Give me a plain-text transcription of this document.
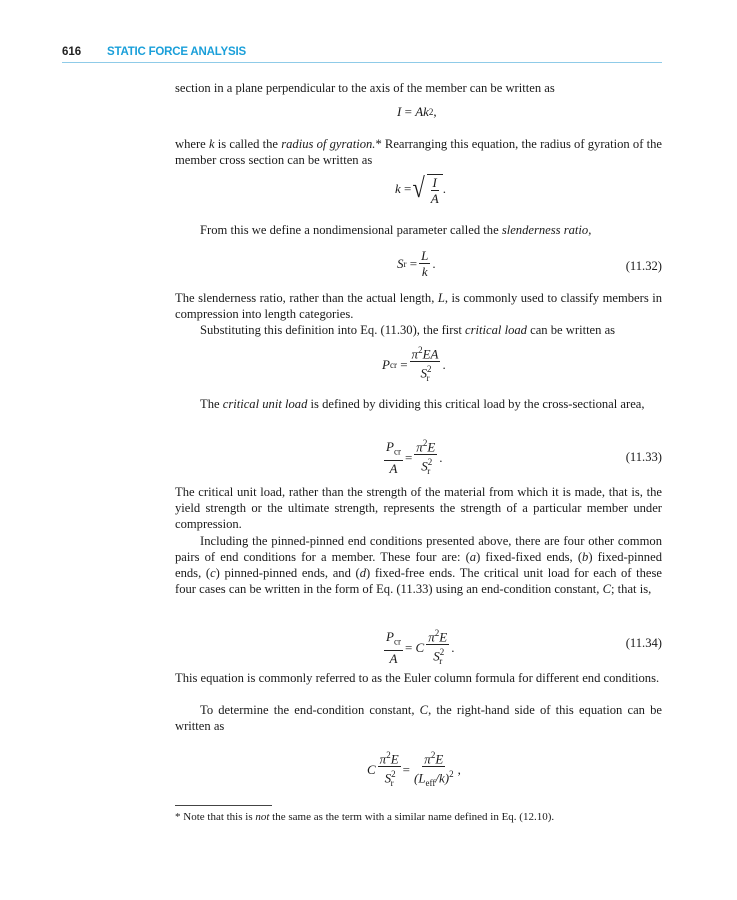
616 STATIC FORCE ANALYSIS
section in a plane perpendicular to the axis of the member can be written as
I
=
Ak 2 ,
where k is called the radius of gyration.* Rearranging this equation, the radius of gyration of the member cross section can be written as
k
= √ $\frac{I}{A}$ .
From this we define a nondimensional parameter called the slenderness ratio,
S r
= $\frac{L}{k}$ .	(11.32)
The slenderness ratio, rather than the actual length, L, is commonly used to classify members in compression into length categories.
Substituting this definition into Eq. (11.30), the first critical load can be written as
P cr
= $\frac{\pi^2EA}{S^2_r}$ .
The critical unit load is defined by dividing this critical load by the cross-sectional area,
$\frac{P_{cr}}{A} = \frac{\pi^2E}{S^2_r}$ .	(11.33)
The critical unit load, rather than the strength of the material from which it is made, that is, the yield strength or the ultimate strength, represents the strength of a particular member under compression.
Including the pinned-pinned end conditions presented above, there are four other common pairs of end conditions for a member. These four are: (a) fixed-fixed ends, (b) fixed-pinned ends, (c) pinned-pinned ends, and (d) fixed-free ends. The critical unit load for each of these four cases can be written in the form of Eq. (11.33) using an end-condition constant, C; that is,
$\frac{P_{cr}}{A}$ =
C $\frac{\pi^2E}{S^2_r}$ .	(11.34)
This equation is commonly referred to as the Euler column formula for different end conditions.
To determine the end-condition constant, C, the right-hand side of this equation can be written as
C $\frac{\pi^2E}{S^2_r} = \frac{\pi^2E}{(L_{eff}/k)^2}$ ,
* Note that this is not the same as the term with a similar name defined in Eq. (12.10).
